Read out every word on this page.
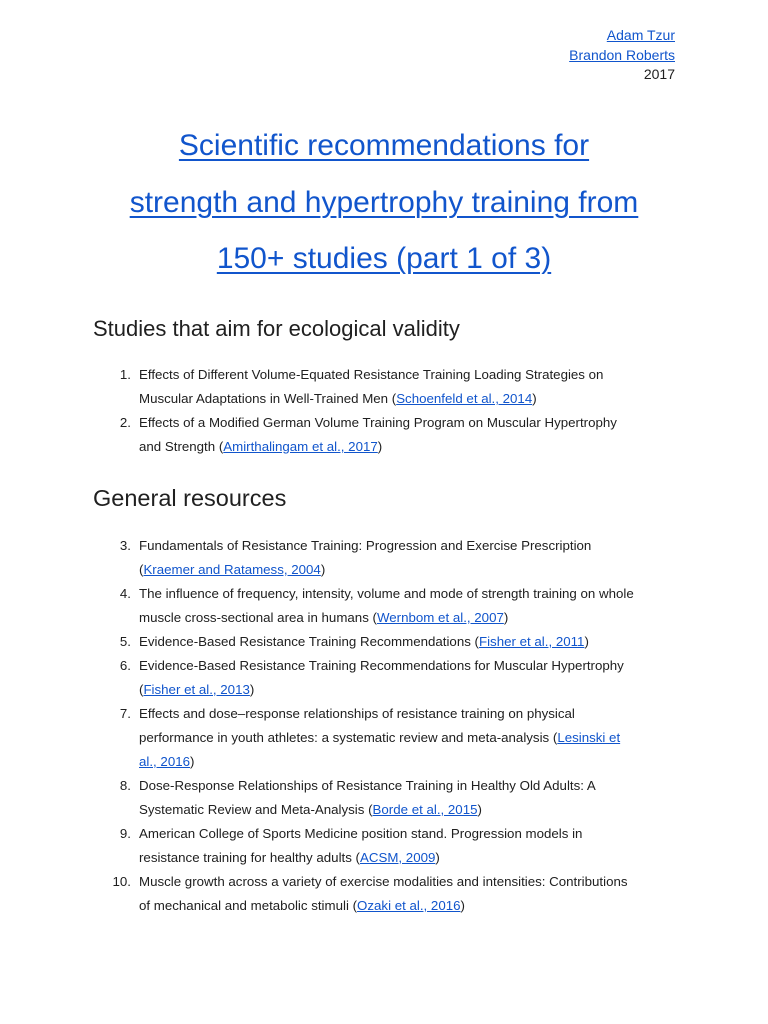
Adam Tzur
Brandon Roberts
2017
Scientific recommendations for
strength and hypertrophy training from
150+ studies (part 1 of 3)
Studies that aim for ecological validity
1. Effects of Different Volume-Equated Resistance Training Loading Strategies on
Muscular Adaptations in Well-Trained Men (Schoenfeld et al., 2014)
2. Effects of a Modified German Volume Training Program on Muscular Hypertrophy
and Strength (Amirthalingam et al., 2017)
General resources
3. Fundamentals of Resistance Training: Progression and Exercise Prescription
(Kraemer and Ratamess, 2004)
4. The influence of frequency, intensity, volume and mode of strength training on whole
muscle cross-sectional area in humans (Wernbom et al., 2007)
5. Evidence-Based Resistance Training Recommendations (Fisher et al., 2011)
6. Evidence-Based Resistance Training Recommendations for Muscular Hypertrophy
(Fisher et al., 2013)
7. Effects and dose–response relationships of resistance training on physical
performance in youth athletes: a systematic review and meta-analysis (Lesinski et
al., 2016)
8. Dose-Response Relationships of Resistance Training in Healthy Old Adults: A
Systematic Review and Meta-Analysis (Borde et al., 2015)
9. American College of Sports Medicine position stand. Progression models in
resistance training for healthy adults (ACSM, 2009)
10. Muscle growth across a variety of exercise modalities and intensities: Contributions
of mechanical and metabolic stimuli (Ozaki et al., 2016)
